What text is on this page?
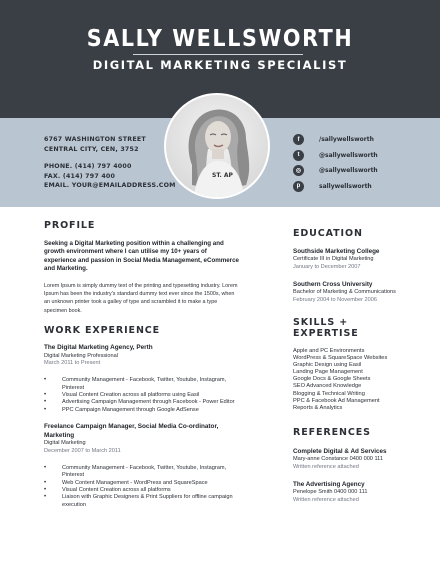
SALLY WELLSWORTH
DIGITAL MARKETING SPECIALIST
6767 WASHINGTON STREET
CENTRAL CITY, CEN, 3752
PHONE. (414) 797 4000
FAX. (414) 797 400
EMAIL. YOUR@EMAILADDRESS.COM
ST. AP
f	/sallywellsworth
t	@sallywellsworth
◎	@sallywellsworth
p	sallywellsworth
PROFILE
Seeking a Digital Marketing position within a challenging and growth environment where I can utilise my 10+ years of experience and passion in Social Media Management, eCommerce and Marketing.
Lorem Ipsum is simply dummy text of the printing and typesetting industry. Lorem Ipsum has been the industry's standard dummy text ever since the 1500s, when an unknown printer took a galley of type and scrambled it to make a type specimen book.
WORK EXPERIENCE
The Digital Marketing Agency, Perth
Digital Marketing Professional
March 2011 to Present
• Community Management - Facebook, Twitter, Youtube, Instagram, Pinterest
• Visual Content Creation across all platforms using Easil
• Advertising Campaign Management through Facebook - Power Editor
• PPC Campaign Management through Google AdSense
Freelance Campaign Manager, Social Media Co-ordinator, Marketing
Digital Marketing
December 2007 to March 2011
• Community Management - Facebook, Twitter, Youtube, Instagram, Pinterest
• Web Content Management - WordPress and SquareSpace
• Visual Content Creation across all platforms
• Liaison with Graphic Designers & Print Suppliers for offline campaign execution
EDUCATION
Southside Marketing College
Certificate III in Digital Marketing
January to December 2007
Southern Cross University
Bachelor of Marketing & Communications
February 2004 to November 2006
SKILLS + EXPERTISE
Apple and PC Environments
WordPress & SquareSpace Websites
Graphic Design using Easil
Landing Page Management
Google Docs & Google Sheets
SEO Advanced Knowledge
Blogging & Technical Writing
PPC & Facebook Ad Management
Reports & Analytics
REFERENCES
Complete Digital & Ad Services
Mary-anne Constance 0400 000 111
Written reference attached
The Advertising Agency
Penelope Smith 0400 000 111
Written reference attached
